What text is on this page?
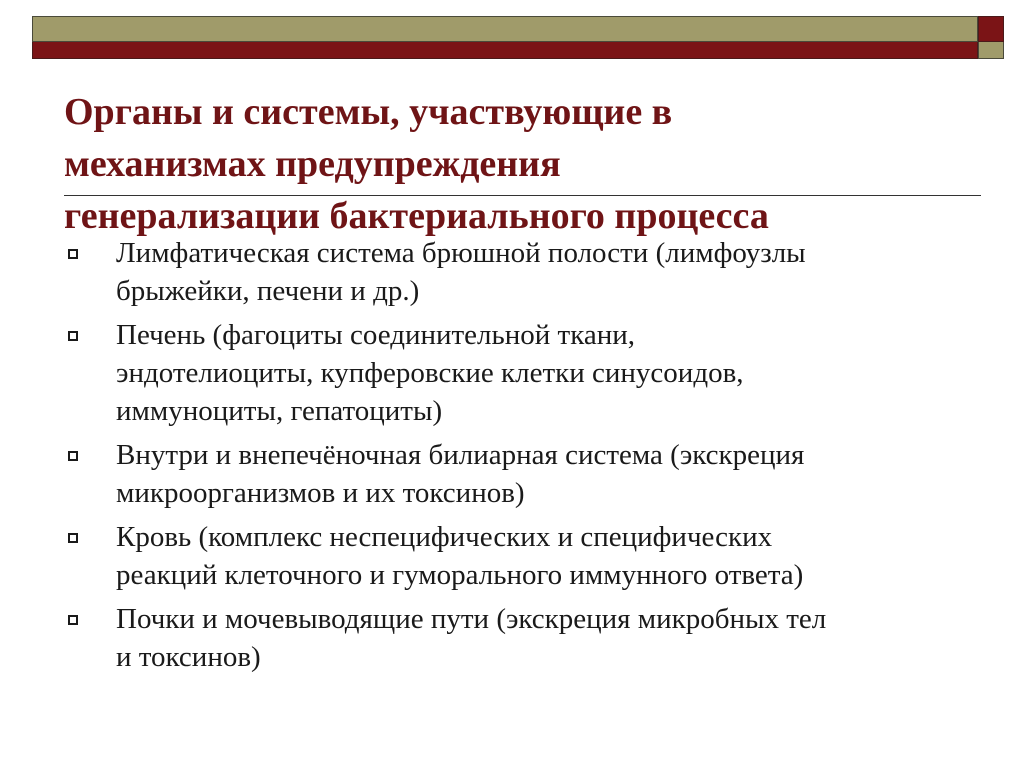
Органы и системы, участвующие в
механизмах предупреждения
генерализации бактериального процесса
Лимфатическая система брюшной полости (лимфоузлы
брыжейки, печени и др.)
Печень (фагоциты соединительной ткани,
эндотелиоциты, купферовские клетки синусоидов,
иммуноциты, гепатоциты)
Внутри и внепечёночная билиарная система (экскреция
микроорганизмов и их токсинов)
Кровь (комплекс неспецифических и специфических
реакций клеточного и гуморального иммунного ответа)
Почки и мочевыводящие пути (экскреция микробных тел
и токсинов)
